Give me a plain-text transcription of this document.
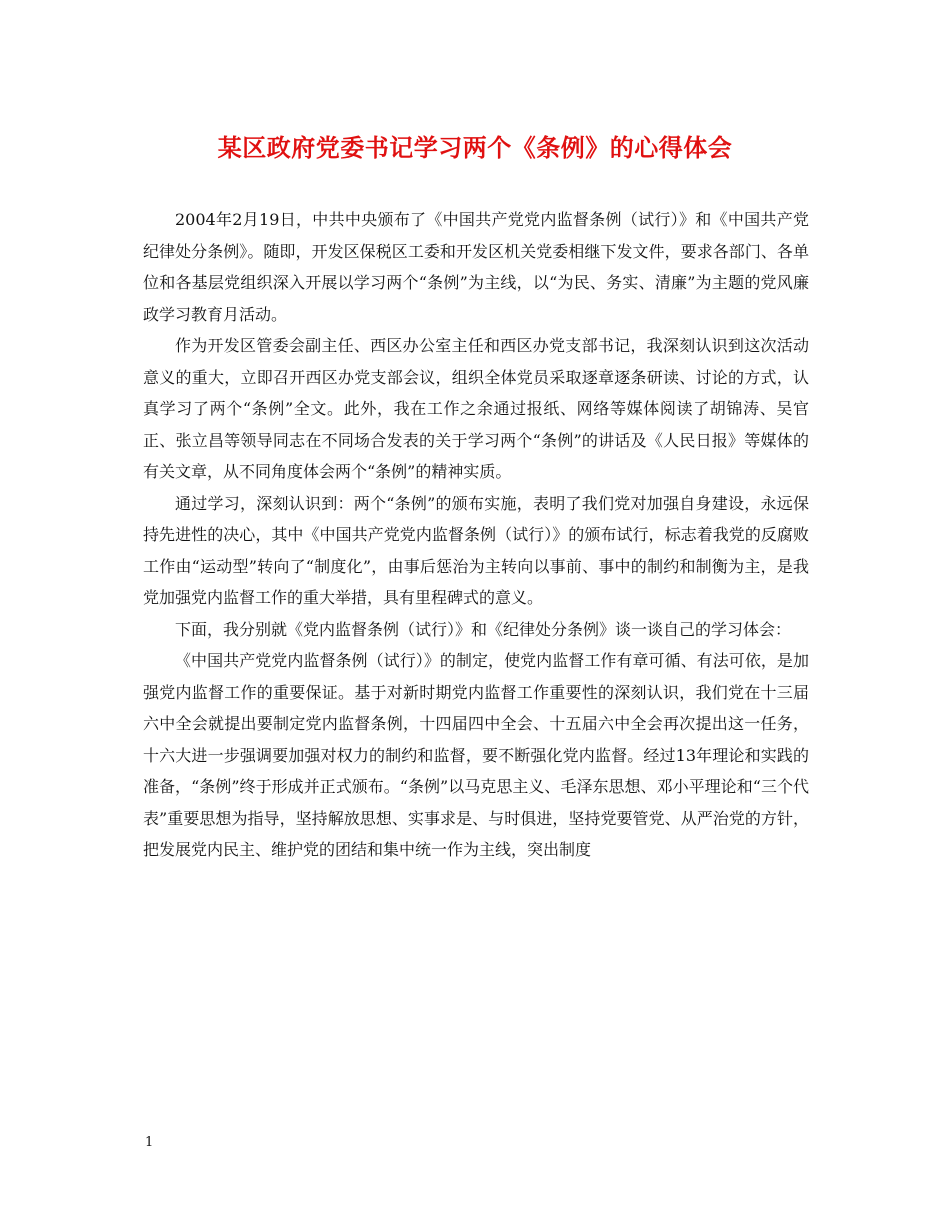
某区政府党委书记学习两个《条例》的心得体会

2004年2月19日，中共中央颁布了《中国共产党党内监督条例（试行）》和《中国共产党纪律处分条例》。随即，开发区保税区工委和开发区机关党委相继下发文件，要求各部门、各单位和各基层党组织深入开展以学习两个“条例”为主线，以“为民、务实、清廉”为主题的党风廉政学习教育月活动。

作为开发区管委会副主任、西区办公室主任和西区办党支部书记，我深刻认识到这次活动意义的重大，立即召开西区办党支部会议，组织全体党员采取逐章逐条研读、讨论的方式，认真学习了两个“条例”全文。此外，我在工作之余通过报纸、网络等媒体阅读了胡锦涛、吴官正、张立昌等领导同志在不同场合发表的关于学习两个“条例”的讲话及《人民日报》等媒体的有关文章，从不同角度体会两个“条例”的精神实质。

通过学习，深刻认识到：两个“条例”的颁布实施，表明了我们党对加强自身建设，永远保持先进性的决心，其中《中国共产党党内监督条例（试行）》的颁布试行，标志着我党的反腐败工作由“运动型”转向了“制度化”，由事后惩治为主转向以事前、事中的制约和制衡为主，是我党加强党内监督工作的重大举措，具有里程碑式的意义。

下面，我分别就《党内监督条例（试行）》和《纪律处分条例》谈一谈自己的学习体会：

《中国共产党党内监督条例（试行）》的制定，使党内监督工作有章可循、有法可依，是加强党内监督工作的重要保证。基于对新时期党内监督工作重要性的深刻认识，我们党在十三届六中全会就提出要制定党内监督条例，十四届四中全会、十五届六中全会再次提出这一任务，十六大进一步强调要加强对权力的制约和监督，要不断强化党内监督。经过13年理论和实践的准备，“条例”终于形成并正式颁布。“条例”以马克思主义、毛泽东思想、邓小平理论和“三个代表”重要思想为指导，坚持解放思想、实事求是、与时俱进，坚持党要管党、从严治党的方针，把发展党内民主、维护党的团结和集中统一作为主线，突出制度

1
